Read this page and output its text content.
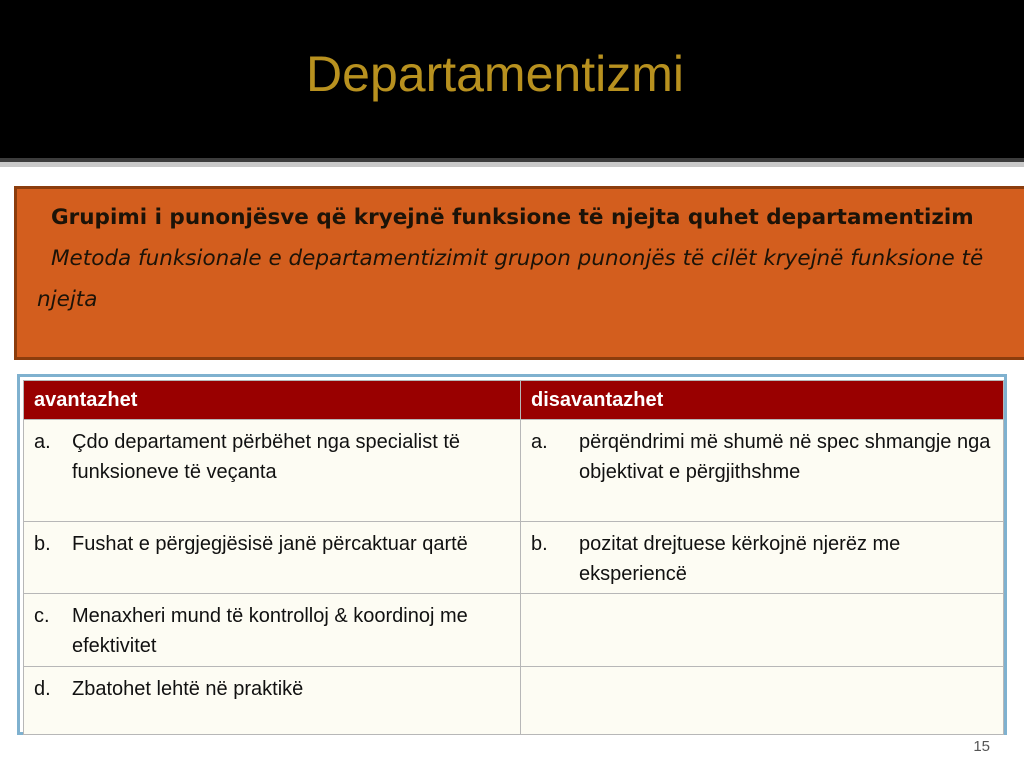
Departamentizmi

Grupimi i punonjësve që kryejnë funksione të njejta quhet departamentizim

Metoda funksionale e departamentizimit grupon punonjës të cilët kryejnë funksione të njejta

avantazhet	disavantazhet

a. Çdo departament përbëhet nga specialist të funksioneve të veçanta	a. përqëndrimi më shumë në spec shmangje nga objektivat e përgjithshme

b. Fushat e përgjegjësisë janë përcaktuar qartë	b. pozitat drejtuese kërkojnë njerëz me eksperiencë

c. Menaxheri mund të kontrolloj & koordinoj me efektivitet	

d. Zbatohet lehtë në praktikë	

15
